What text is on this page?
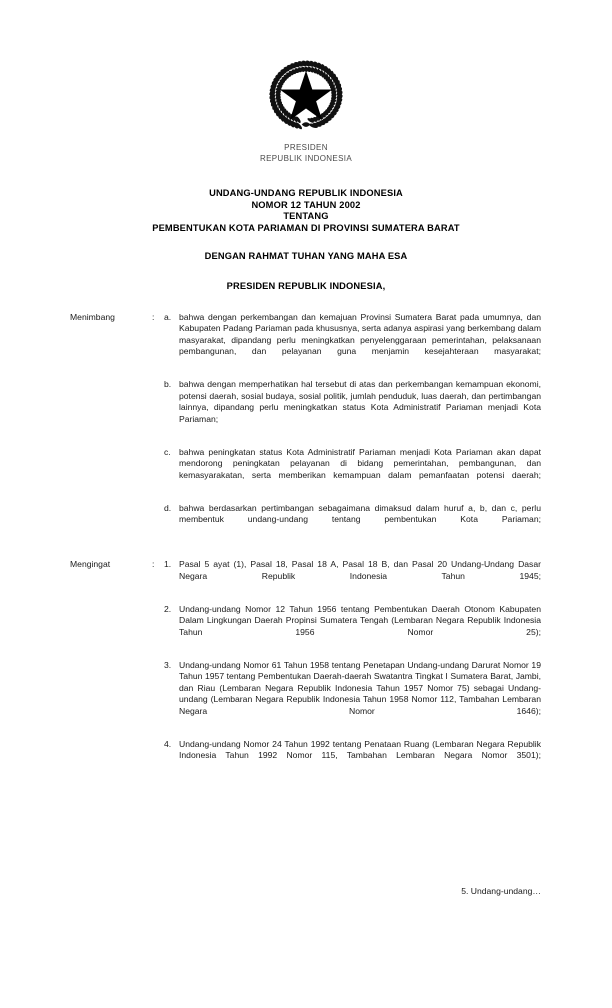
PRESIDEN
REPUBLIK INDONESIA
UNDANG-UNDANG REPUBLIK INDONESIA
NOMOR 12 TAHUN 2002
TENTANG
PEMBENTUKAN KOTA PARIAMAN DI PROVINSI SUMATERA BARAT
DENGAN RAHMAT TUHAN YANG MAHA ESA
PRESIDEN REPUBLIK INDONESIA,
Menimbang	:	a. bahwa dengan perkembangan dan kemajuan Provinsi Sumatera Barat pada umumnya, dan Kabupaten Padang Pariaman pada khususnya, serta adanya aspirasi yang berkembang dalam masyarakat, dipandang perlu meningkatkan penyelenggaraan pemerintahan, pelaksanaan pembangunan, dan pelayanan guna menjamin kesejahteraan masyarakat;
b. bahwa dengan memperhatikan hal tersebut di atas dan perkembangan kemampuan ekonomi, potensi daerah, sosial budaya, sosial politik, jumlah penduduk, luas daerah, dan pertimbangan lainnya, dipandang perlu meningkatkan status Kota Administratif Pariaman menjadi Kota Pariaman;
c. bahwa peningkatan status Kota Administratif Pariaman menjadi Kota Pariaman akan dapat mendorong peningkatan pelayanan di bidang pemerintahan, pembangunan, dan kemasyarakatan, serta memberikan kemampuan dalam pemanfaatan potensi daerah;
d. bahwa berdasarkan pertimbangan sebagaimana dimaksud dalam huruf a, b, dan c, perlu membentuk undang-undang tentang pembentukan Kota Pariaman;
Mengingat	:	1. Pasal 5 ayat (1), Pasal 18, Pasal 18 A, Pasal 18 B, dan Pasal 20 Undang-Undang Dasar Negara Republik Indonesia Tahun 1945;
2. Undang-undang Nomor 12 Tahun 1956 tentang Pembentukan Daerah Otonom Kabupaten Dalam Lingkungan Daerah Propinsi Sumatera Tengah (Lembaran Negara Republik Indonesia Tahun 1956 Nomor 25);
3. Undang-undang Nomor 61 Tahun 1958 tentang Penetapan Undang-undang Darurat Nomor 19 Tahun 1957 tentang Pembentukan Daerah-daerah Swatantra Tingkat I Sumatera Barat, Jambi, dan Riau (Lembaran Negara Republik Indonesia Tahun 1957 Nomor 75) sebagai Undang-undang (Lembaran Negara Republik Indonesia Tahun 1958 Nomor 112, Tambahan Lembaran Negara Nomor 1646);
4. Undang-undang Nomor 24 Tahun 1992 tentang Penataan Ruang (Lembaran Negara Republik Indonesia Tahun 1992 Nomor 115, Tambahan Lembaran Negara Nomor 3501);
5. Undang-undang…
